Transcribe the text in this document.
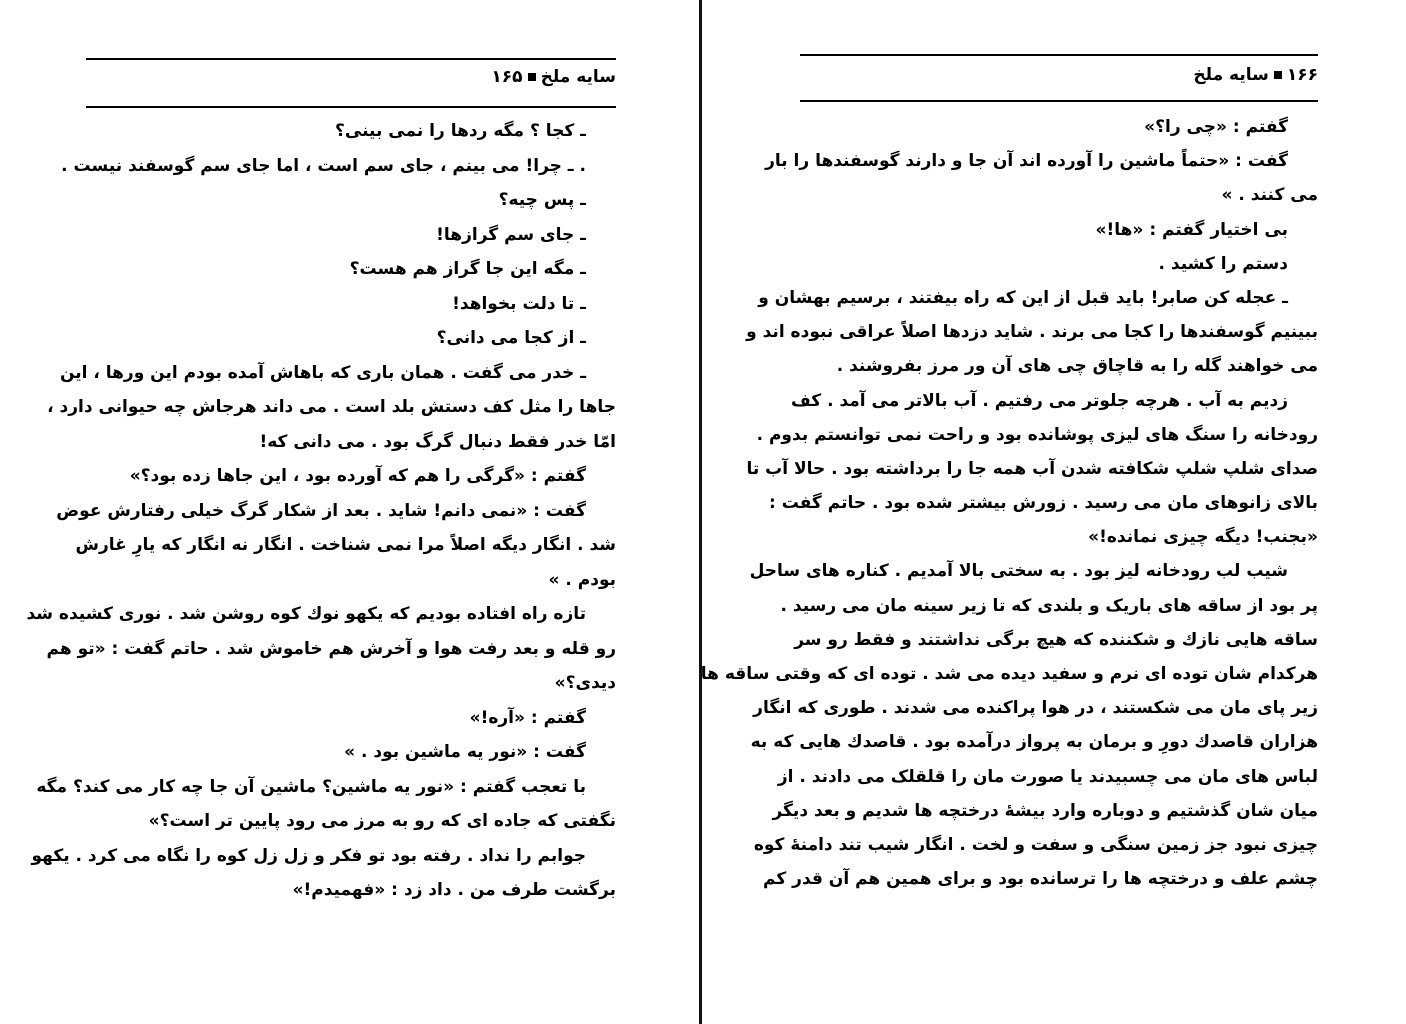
سایه ملخ۱۶۵
ـ کجا ؟ مگه ردها را نمی بینی؟
. ـ چرا! می بینم ، جای سم است ، اما جای سم گوسفند نیست .
ـ پس چیه؟
ـ جای سم گرازها!
ـ مگه این جا گراز هم هست؟
ـ تا دلت بخواهد!
ـ از کجا می دانی؟
ـ خدر می گفت . همان باری که باهاش آمده بودم این ورها ، این
جاها را مثل کف دستش بلد است . می داند هرجاش چه حیوانی دارد ،
امّا خدر فقط دنبال گرگ بود . می دانی که!
گفتم : «گرگی را هم که آورده بود ، این جاها زده بود؟»
گفت : «نمی دانم! شاید . بعد از شکار گرگ خیلی رفتارش عوض
شد . انگار دیگه اصلاً مرا نمی شناخت . انگار نه انگار که یارِ غارش
بودم . »
تازه راه افتاده بودیم که یکهو نوك کوه روشن شد . نوری کشیده شد
رو قله و بعد رفت هوا و آخرش هم خاموش شد . حاتم گفت : «تو هم
دیدی؟»
گفتم : «آره!»
گفت : «نور یه ماشین بود . »
با تعجب گفتم : «نور یه ماشین؟ ماشین آن جا چه کار می کند؟ مگه
نگفتی که جاده ای که رو به مرز می رود پایین تر است؟»
جوابم را نداد . رفته بود تو فکر و زل زل کوه را نگاه می کرد . یکهو
برگشت طرف من . داد زد : «فهمیدم!»
۱۶۶سایه ملخ
گفتم : «چی را؟»
گفت : «حتماً ماشین را آورده اند آن جا و دارند گوسفندها را بار
می کنند . »
بی اختیار گفتم : «ها!»
دستم را کشید .
ـ عجله کن صابر! باید قبل از این که راه بیفتند ، برسیم بهشان و
ببینیم گوسفندها را کجا می برند . شاید دزدها اصلاً عراقی نبوده اند و
می خواهند گله را به قاچاق چی های آن ور مرز بفروشند .
زدیم به آب . هرچه جلوتر می رفتیم . آب بالاتر می آمد . کف
رودخانه را سنگ های لیزی پوشانده بود و راحت نمی توانستم بدوم .
صدای شلپ شلپ شکافته شدن آب همه جا را برداشته بود . حالا آب تا
بالای زانوهای مان می رسید . زورش بیشتر شده بود . حاتم گفت :
«بجنب! دیگه چیزی نمانده!»
شیب لب رودخانه لیز بود . به سختی بالا آمدیم . کناره های ساحل
پر بود از ساقه های باریک و بلندی که تا زیر سینه مان می رسید .
ساقه هایی نازك و شکننده که هیچ برگی نداشتند و فقط رو سر
هرکدام شان توده ای نرم و سفید دیده می شد . توده ای که وقتی ساقه ها
زیر پای مان می شکستند ، در هوا پراکنده می شدند . طوری که انگار
هزاران قاصدك دورِ و برمان به پرواز درآمده بود . قاصدك هایی که به
لباس های مان می چسبیدند یا صورت مان را قلقلک می دادند . از
میان شان گذشتیم و دوباره وارد بیشهٔ درختچه ها شدیم و بعد دیگر
چیزی نبود جز زمین سنگی و سفت و لخت . انگار شیب تند دامنهٔ کوه
چشم علف و درختچه ها را ترسانده بود و برای همین هم آن قدر کم
